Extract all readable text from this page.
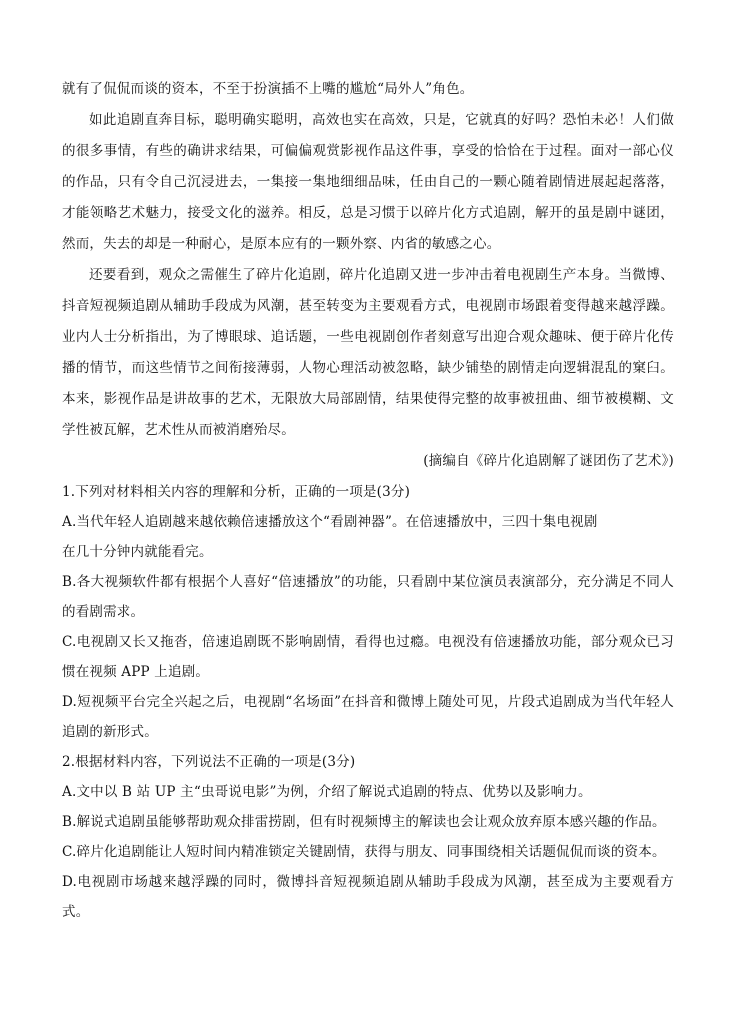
就有了侃侃而谈的资本，不至于扮演插不上嘴的尴尬“局外人”角色。

如此追剧直奔目标，聪明确实聪明，高效也实在高效，只是，它就真的好吗？恐怕未必！人们做的很多事情，有些的确讲求结果，可偏偏观赏影视作品这件事，享受的恰恰在于过程。面对一部心仪的作品，只有令自己沉浸进去，一集接一集地细细品味，任由自己的一颗心随着剧情进展起起落落，才能领略艺术魅力，接受文化的滋养。相反，总是习惯于以碎片化方式追剧，解开的虽是剧中谜团，然而，失去的却是一种耐心，是原本应有的一颗外察、内省的敏感之心。

还要看到，观众之需催生了碎片化追剧，碎片化追剧又进一步冲击着电视剧生产本身。当微博、抖音短视频追剧从辅助手段成为风潮，甚至转变为主要观看方式，电视剧市场跟着变得越来越浮躁。业内人士分析指出，为了博眼球、追话题，一些电视剧创作者刻意写出迎合观众趣味、便于碎片化传播的情节，而这些情节之间衔接薄弱，人物心理活动被忽略，缺少铺垫的剧情走向逻辑混乱的窠臼。本来，影视作品是讲故事的艺术，无限放大局部剧情，结果使得完整的故事被扭曲、细节被模糊、文学性被瓦解，艺术性从而被消磨殆尽。

(摘编自《碎片化追剧解了谜团伤了艺术》)

1.下列对材料相关内容的理解和分析，正确的一项是(3分)

A.当代年轻人追剧越来越依赖倍速播放这个“看剧神器”。在倍速播放中，三四十集电视剧
在几十分钟内就能看完。

B.各大视频软件都有根据个人喜好“倍速播放”的功能，只看剧中某位演员表演部分，充分满足不同人的看剧需求。

C.电视剧又长又拖沓，倍速追剧既不影响剧情，看得也过瘾。电视没有倍速播放功能，部分观众已习惯在视频 APP 上追剧。

D.短视频平台完全兴起之后，电视剧“名场面”在抖音和微博上随处可见，片段式追剧成为当代年轻人追剧的新形式。

2.根据材料内容，下列说法不正确的一项是(3分)

A.文中以 B 站 UP 主“虫哥说电影”为例，介绍了解说式追剧的特点、优势以及影响力。

B.解说式追剧虽能够帮助观众排雷捞剧，但有时视频博主的解读也会让观众放弃原本感兴趣的作品。

C.碎片化追剧能让人短时间内精准锁定关键剧情，获得与朋友、同事围绕相关话题侃侃而谈的资本。

D.电视剧市场越来越浮躁的同时，微博抖音短视频追剧从辅助手段成为风潮，甚至成为主要观看方式。
